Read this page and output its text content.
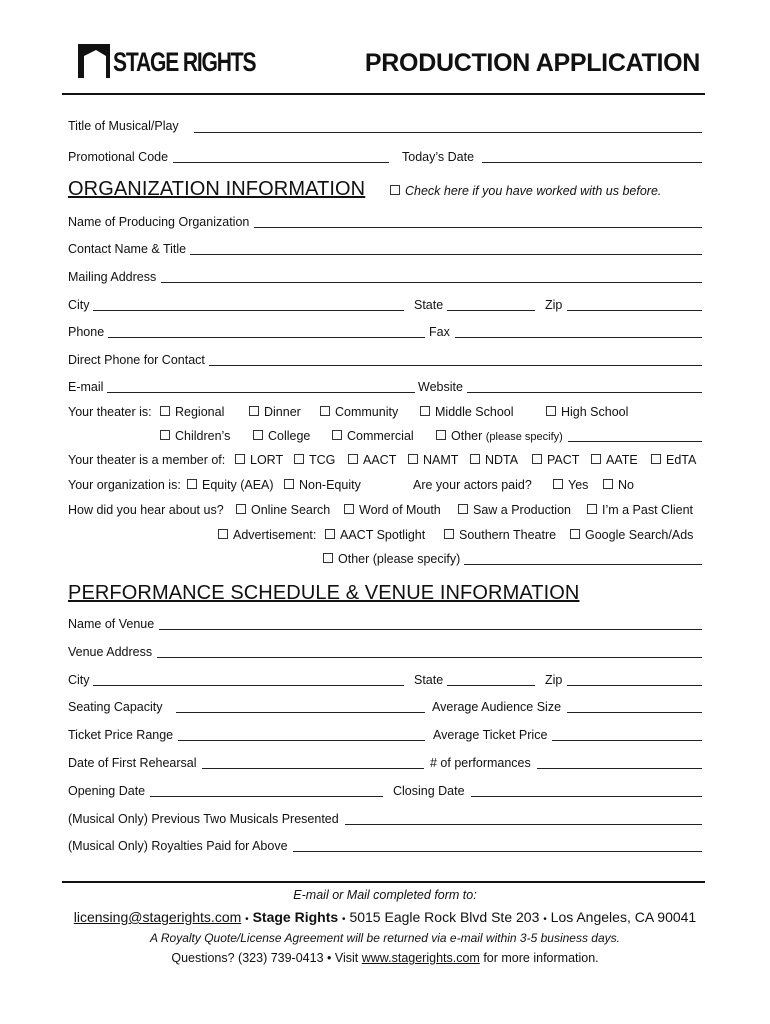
STAGE RIGHTS	PRODUCTION APPLICATION
Title of Musical/Play
Promotional Code	Today’s Date
ORGANIZATION INFORMATION	Check here if you have worked with us before.
Name of Producing Organization
Contact Name & Title
Mailing Address
City	State	Zip
Phone	Fax
Direct Phone for Contact
E-mail	Website
Your theater is:	Regional	Dinner	Community	Middle School	High School
Children’s	College	Commercial	Other (please specify)
Your theater is a member of:	LORT	TCG	AACT	NAMT	NDTA	PACT	AATE	EdTA
Your organization is:	Equity (AEA)	Non-Equity	Are your actors paid?	Yes	No
How did you hear about us?	Online Search	Word of Mouth	Saw a Production	I’m a Past Client
Advertisement:	AACT Spotlight	Southern Theatre	Google Search/Ads
Other (please specify)
PERFORMANCE SCHEDULE & VENUE INFORMATION
Name of Venue
Venue Address
City	State	Zip
Seating Capacity	Average Audience Size
Ticket Price Range	Average Ticket Price
Date of First Rehearsal	# of performances
Opening Date	Closing Date
(Musical Only) Previous Two Musicals Presented
(Musical Only) Royalties Paid for Above
E-mail or Mail completed form to:
licensing@stagerights.com • Stage Rights • 5015 Eagle Rock Blvd Ste 203 • Los Angeles, CA 90041
A Royalty Quote/License Agreement will be returned via e-mail within 3-5 business days.
Questions? (323) 739-0413 • Visit www.stagerights.com for more information.
